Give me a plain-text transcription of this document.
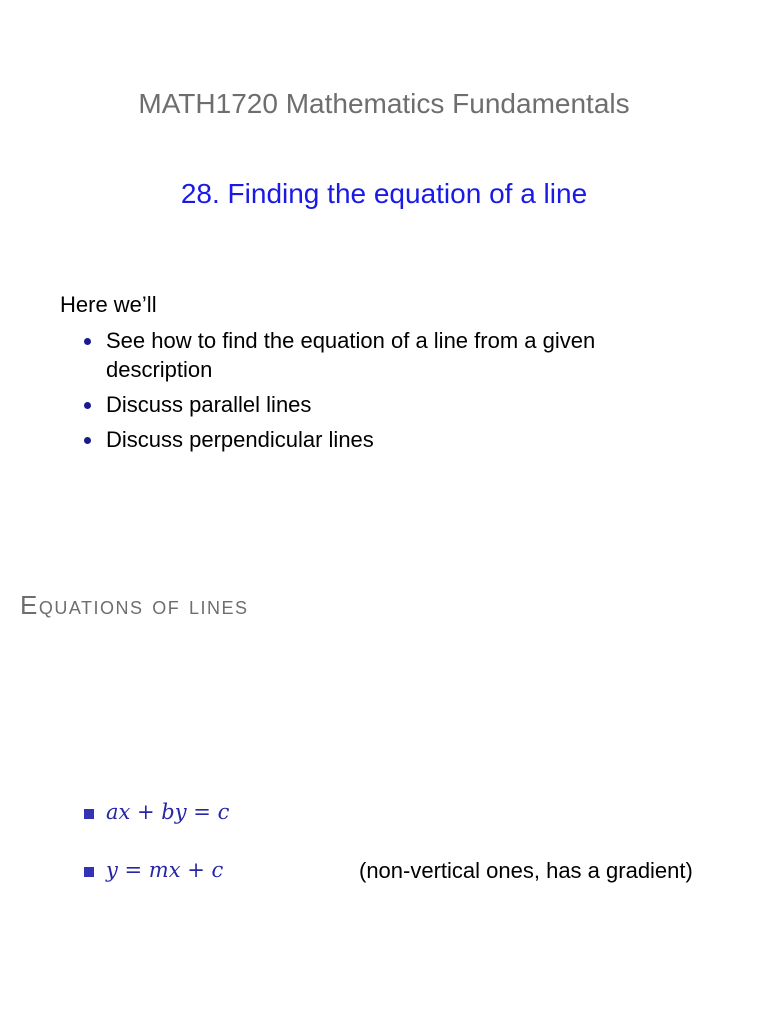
MATH1720 Mathematics Fundamentals
28. Finding the equation of a line

Here we’ll

See how to find the equation of a line from a given description
Discuss parallel lines
Discuss perpendicular lines
Equations of lines
ax + by = c
y = mx + c	(non-vertical ones, has a gradient)
